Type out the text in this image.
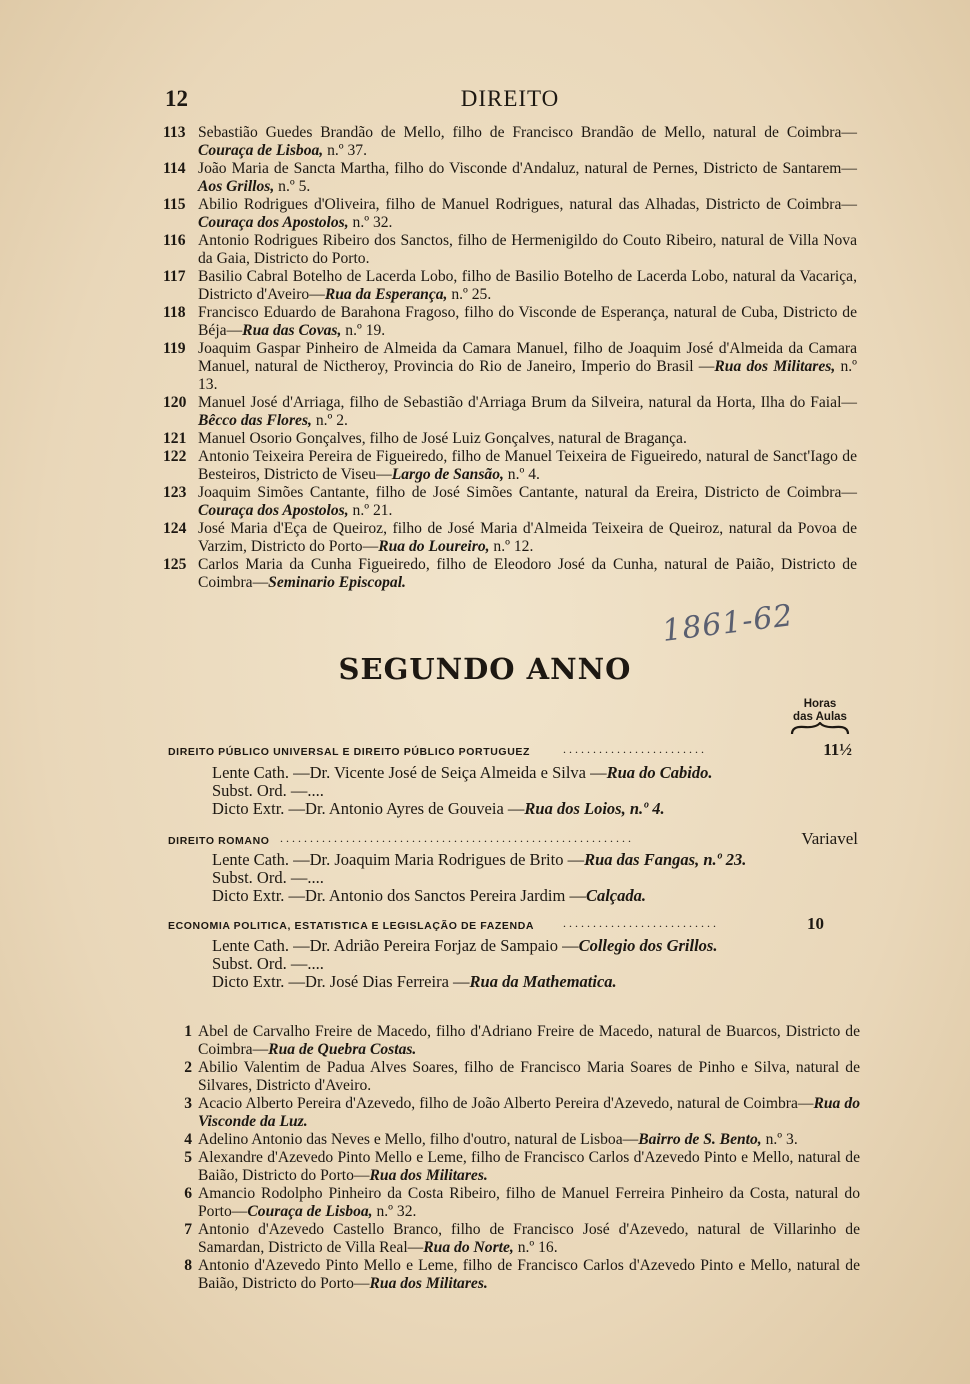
12	DIREITO
113 Sebastião Guedes Brandão de Mello, filho de Francisco Brandão de Mello, natural de Coimbra—Couraça de Lisboa, n.º 37.
114 João Maria de Sancta Martha, filho do Visconde d'Andaluz, natural de Pernes, Districto de Santarem—Aos Grillos, n.º 5.
115 Abilio Rodrigues d'Oliveira, filho de Manuel Rodrigues, natural das Alhadas, Districto de Coimbra—Couraça dos Apostolos, n.º 32.
116 Antonio Rodrigues Ribeiro dos Sanctos, filho de Hermenigildo do Couto Ribeiro, natural de Villa Nova da Gaia, Districto do Porto.
117 Basilio Cabral Botelho de Lacerda Lobo, filho de Basilio Botelho de Lacerda Lobo, natural da Vacariça, Districto d'Aveiro—Rua da Esperança, n.º 25.
118 Francisco Eduardo de Barahona Fragoso, filho do Visconde de Esperança, natural de Cuba, Districto de Béja—Rua das Covas, n.º 19.
119 Joaquim Gaspar Pinheiro de Almeida da Camara Manuel, filho de Joaquim José d'Almeida da Camara Manuel, natural de Nictheroy, Provincia do Rio de Janeiro, Imperio do Brasil —Rua dos Militares, n.º 13.
120 Manuel José d'Arriaga, filho de Sebastião d'Arriaga Brum da Silveira, natural da Horta, Ilha do Faial—Bêcco das Flores, n.º 2.
121 Manuel Osorio Gonçalves, filho de José Luiz Gonçalves, natural de Bragança.
122 Antonio Teixeira Pereira de Figueiredo, filho de Manuel Teixeira de Figueiredo, natural de Sanct'Iago de Besteiros, Districto de Viseu—Largo de Sansão, n.º 4.
123 Joaquim Simões Cantante, filho de José Simões Cantante, natural da Ereira, Districto de Coimbra—Couraça dos Apostolos, n.º 21.
124 José Maria d'Eça de Queiroz, filho de José Maria d'Almeida Teixeira de Queiroz, natural da Povoa de Varzim, Districto do Porto—Rua do Loureiro, n.º 12.
125 Carlos Maria da Cunha Figueiredo, filho de Eleodoro José da Cunha, natural de Paião, Districto de Coimbra—Seminario Episcopal.
1861-62
SEGUNDO ANNO
Horas
das Aulas
DIREITO PÚBLICO UNIVERSAL E DIREITO PÚBLICO PORTUGUEZ	........................	11½
Lente Cath. —Dr. Vicente José de Seiça Almeida e Silva —Rua do Cabido.
Subst. Ord. —....
Dicto Extr. —Dr. Antonio Ayres de Gouveia —Rua dos Loios, n.º 4.
DIREITO ROMANO ...........................................................	Variavel
Lente Cath. —Dr. Joaquim Maria Rodrigues de Brito —Rua das Fangas, n.º 23.
Subst. Ord. —....
Dicto Extr. —Dr. Antonio dos Sanctos Pereira Jardim —Calçada.
ECONOMIA POLITICA, ESTATISTICA E LEGISLAÇÃO DE FAZENDA ..........................	10
Lente Cath. —Dr. Adrião Pereira Forjaz de Sampaio —Collegio dos Grillos.
Subst. Ord. —....
Dicto Extr. —Dr. José Dias Ferreira —Rua da Mathematica.
1 Abel de Carvalho Freire de Macedo, filho d'Adriano Freire de Macedo, natural de Buarcos, Districto de Coimbra—Rua de Quebra Costas.
2 Abilio Valentim de Padua Alves Soares, filho de Francisco Maria Soares de Pinho e Silva, natural de Silvares, Districto d'Aveiro.
3 Acacio Alberto Pereira d'Azevedo, filho de João Alberto Pereira d'Azevedo, natural de Coimbra—Rua do Visconde da Luz.
4 Adelino Antonio das Neves e Mello, filho d'outro, natural de Lisboa—Bairro de S. Bento, n.º 3.
5 Alexandre d'Azevedo Pinto Mello e Leme, filho de Francisco Carlos d'Azevedo Pinto e Mello, natural de Baião, Districto do Porto—Rua dos Militares.
6 Amancio Rodolpho Pinheiro da Costa Ribeiro, filho de Manuel Ferreira Pinheiro da Costa, natural do Porto—Couraça de Lisboa, n.º 32.
7 Antonio d'Azevedo Castello Branco, filho de Francisco José d'Azevedo, natural de Villarinho de Samardan, Districto de Villa Real—Rua do Norte, n.º 16.
8 Antonio d'Azevedo Pinto Mello e Leme, filho de Francisco Carlos d'Azevedo Pinto e Mello, natural de Baião, Districto do Porto—Rua dos Militares.
